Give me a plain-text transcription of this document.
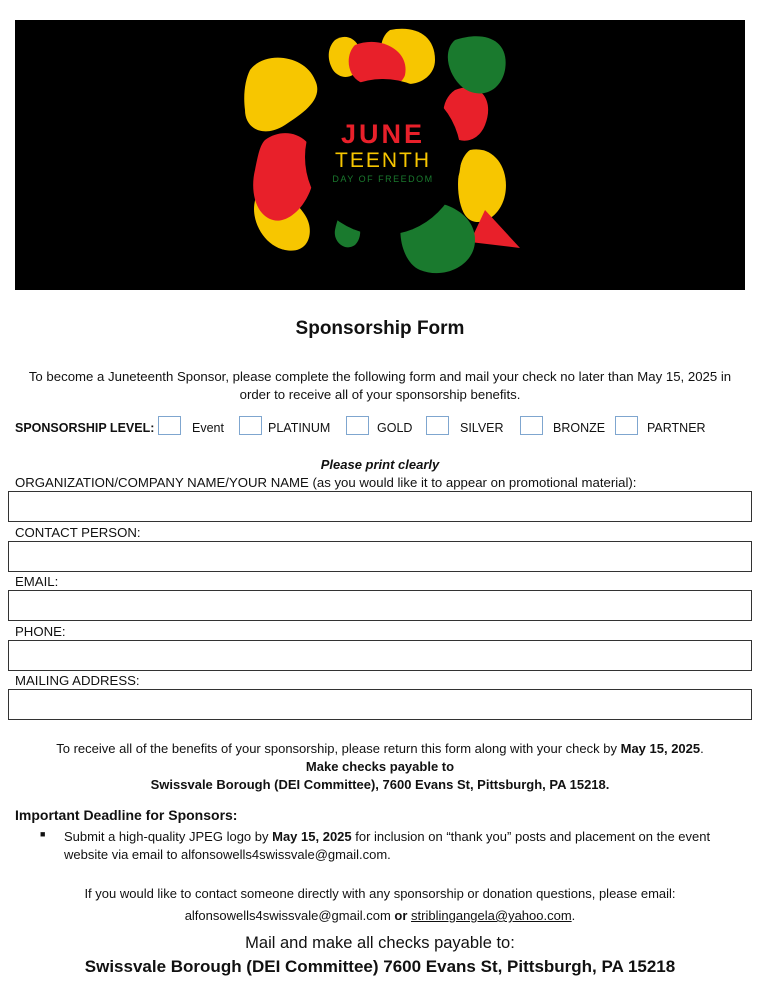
JUNE
TEENTH
DAY OF FREEDOM
Sponsorship Form
To become a Juneteenth Sponsor, please complete the following form and mail your check no later than May 15, 2025 in order to receive all of your sponsorship benefits.
SPONSORSHIP LEVEL:	Event	PLATINUM	GOLD	SILVER	BRONZE	PARTNER
Please print clearly
ORGANIZATION/COMPANY NAME/YOUR NAME (as you would like it to appear on promotional material):
CONTACT PERSON:
EMAIL:
PHONE:
MAILING ADDRESS:
To receive all of the benefits of your sponsorship, please return this form along with your check by May 15, 2025.
Make checks payable to
Swissvale Borough (DEI Committee), 7600 Evans St, Pittsburgh, PA 15218.
Important Deadline for Sponsors:
■ Submit a high-quality JPEG logo by May 15, 2025 for inclusion on “thank you” posts and placement on the event website via email to alfonsowells4swissvale@gmail.com.
If you would like to contact someone directly with any sponsorship or donation questions, please email:
alfonsowells4swissvale@gmail.com or striblingangela@yahoo.com.
Mail and make all checks payable to:
Swissvale Borough (DEI Committee) 7600 Evans St, Pittsburgh, PA 15218
